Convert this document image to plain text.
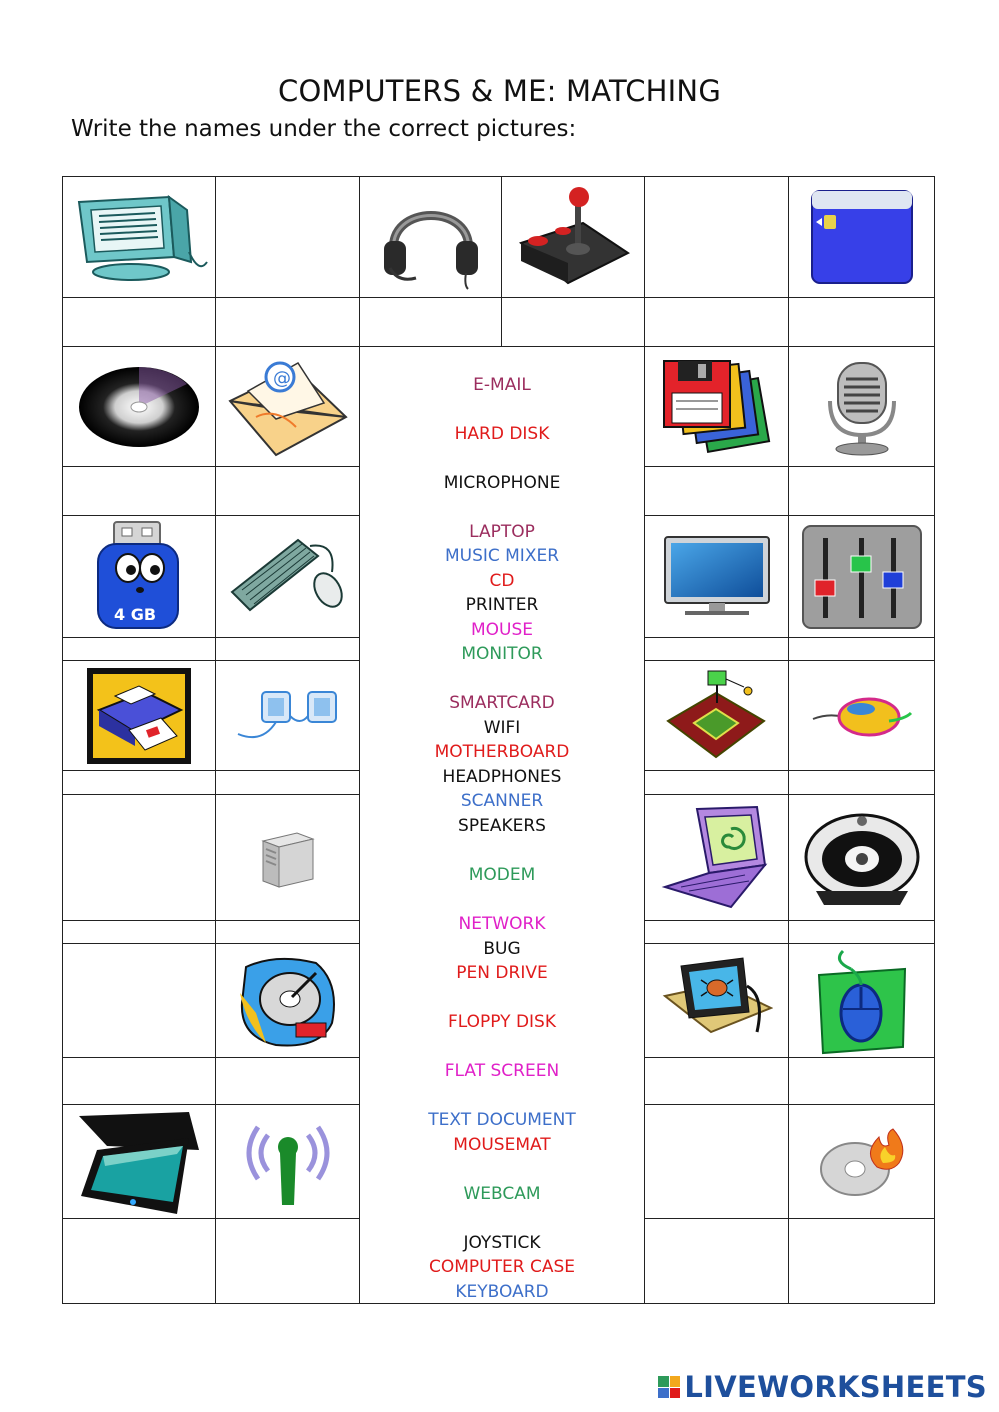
COMPUTERS & ME: MATCHING
Write the names under the correct pictures:
E-MAIL
HARD DISK
MICROPHONE
LAPTOP
MUSIC MIXER
CD
PRINTER
MOUSE
MONITOR
SMARTCARD
WIFI
MOTHERBOARD
HEADPHONES
SCANNER
SPEAKERS
MODEM
NETWORK
BUG
PEN DRIVE
FLOPPY DISK
FLAT SCREEN
TEXT DOCUMENT
MOUSEMAT
WEBCAM
JOYSTICK
COMPUTER CASE
KEYBOARD
@
4 GB
LIVEWORKSHEETS
